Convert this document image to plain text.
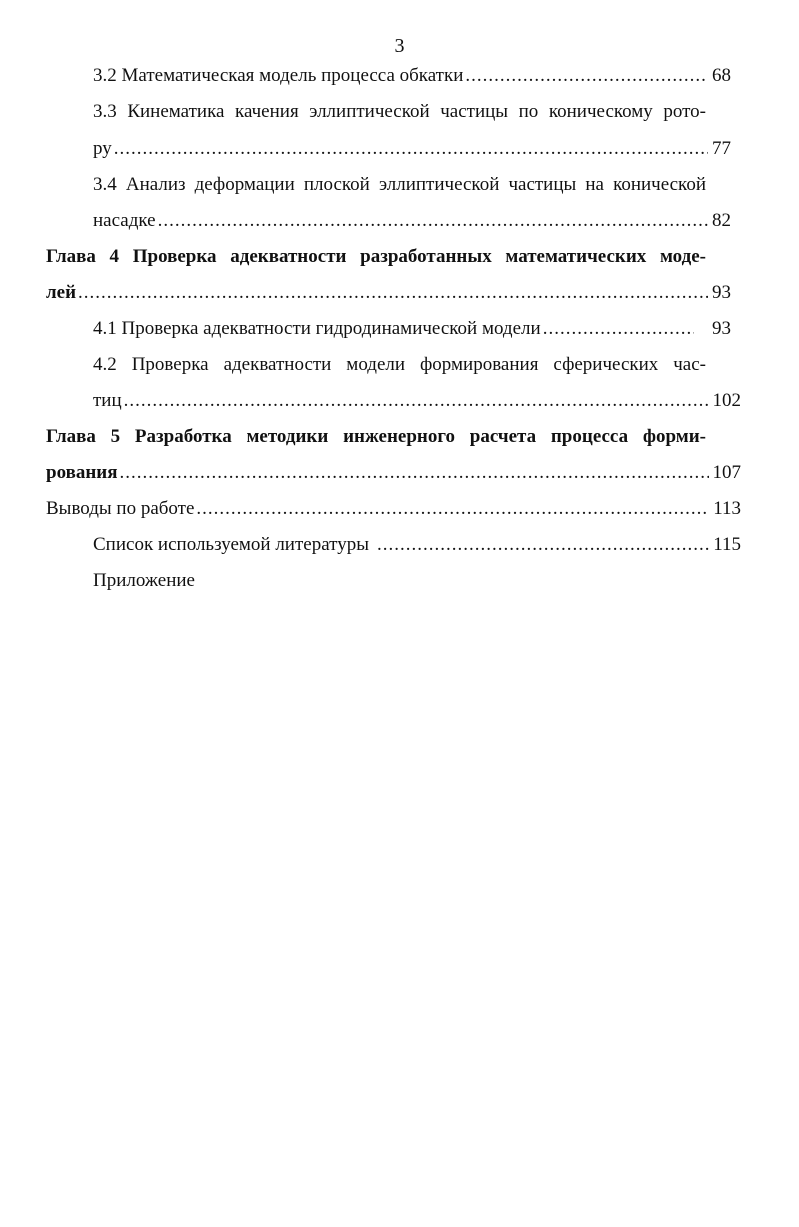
3
3.2 Математическая модель процесса обкатки .....	68
3.3 Кинематика качения эллиптической частицы по коническому рото-
ру .....	77
3.4 Анализ деформации плоской эллиптической частицы на конической
насадке .....	82
Глава 4 Проверка адекватности разработанных математических моде-
лей .....	93
4.1 Проверка адекватности гидродинамической модели .....	93
4.2 Проверка адекватности модели формирования сферических час-
тиц .....	102
Глава 5 Разработка методики инженерного расчета процесса форми-
рования .....	107
Выводы по работе .....	113
Список используемой литературы .....	115
Приложение
